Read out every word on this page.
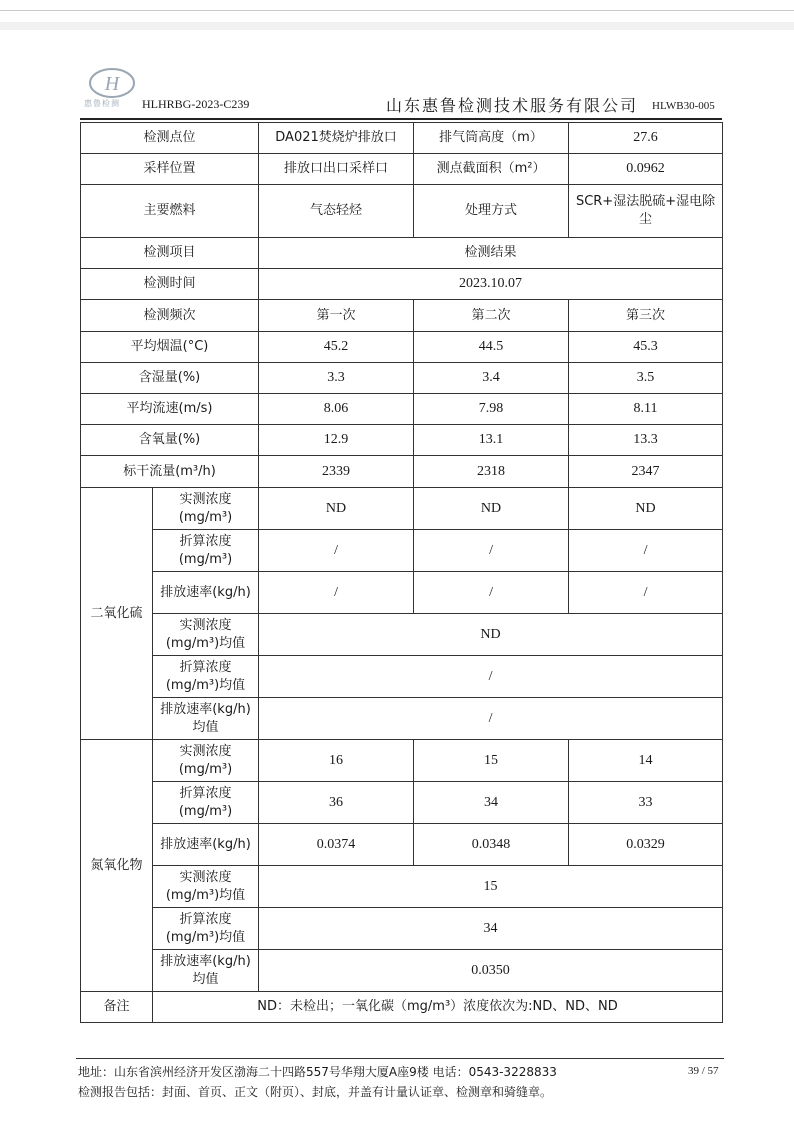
H
惠鲁检测 HLHRBG-2023-C239	山东惠鲁检测技术服务有限公司 HLWB30-005
检测点位		DA021焚烧炉排放口	排气筒高度（m）	27.6
采样位置		排放口出口采样口	测点截面积（m²）	0.0962
主要燃料		气态轻烃	处理方式	SCR+湿法脱硫+湿电除尘
检测项目		检测结果		
检测时间		2023.10.07		
检测频次		第一次	第二次	第三次
平均烟温(°C)		45.2	44.5	45.3
含湿量(%)		3.3	3.4	3.5
平均流速(m/s)		8.06	7.98	8.11
含氧量(%)		12.9	13.1	13.3
标干流量(m³/h)		2339	2318	2347
二氧化硫	实测浓度(mg/m³)	ND	ND	ND
	折算浓度(mg/m³)	/	/	/
	排放速率(kg/h)	/	/	/
	实测浓度(mg/m³)均值	ND		
	折算浓度(mg/m³)均值	/		
	排放速率(kg/h)均值	/		
氮氧化物	实测浓度(mg/m³)	16	15	14
	折算浓度(mg/m³)	36	34	33
	排放速率(kg/h)	0.0374	0.0348	0.0329
	实测浓度(mg/m³)均值	15		
	折算浓度(mg/m³)均值	34		
	排放速率(kg/h)均值	0.0350		
备注	ND：未检出；一氧化碳（mg/m³）浓度依次为:ND、ND、ND			
地址：山东省滨州经济开发区渤海二十四路557号华翔大厦A座9楼 电话：0543-3228833	39 / 57
检测报告包括：封面、首页、正文（附页）、封底，并盖有计量认证章、检测章和骑缝章。
